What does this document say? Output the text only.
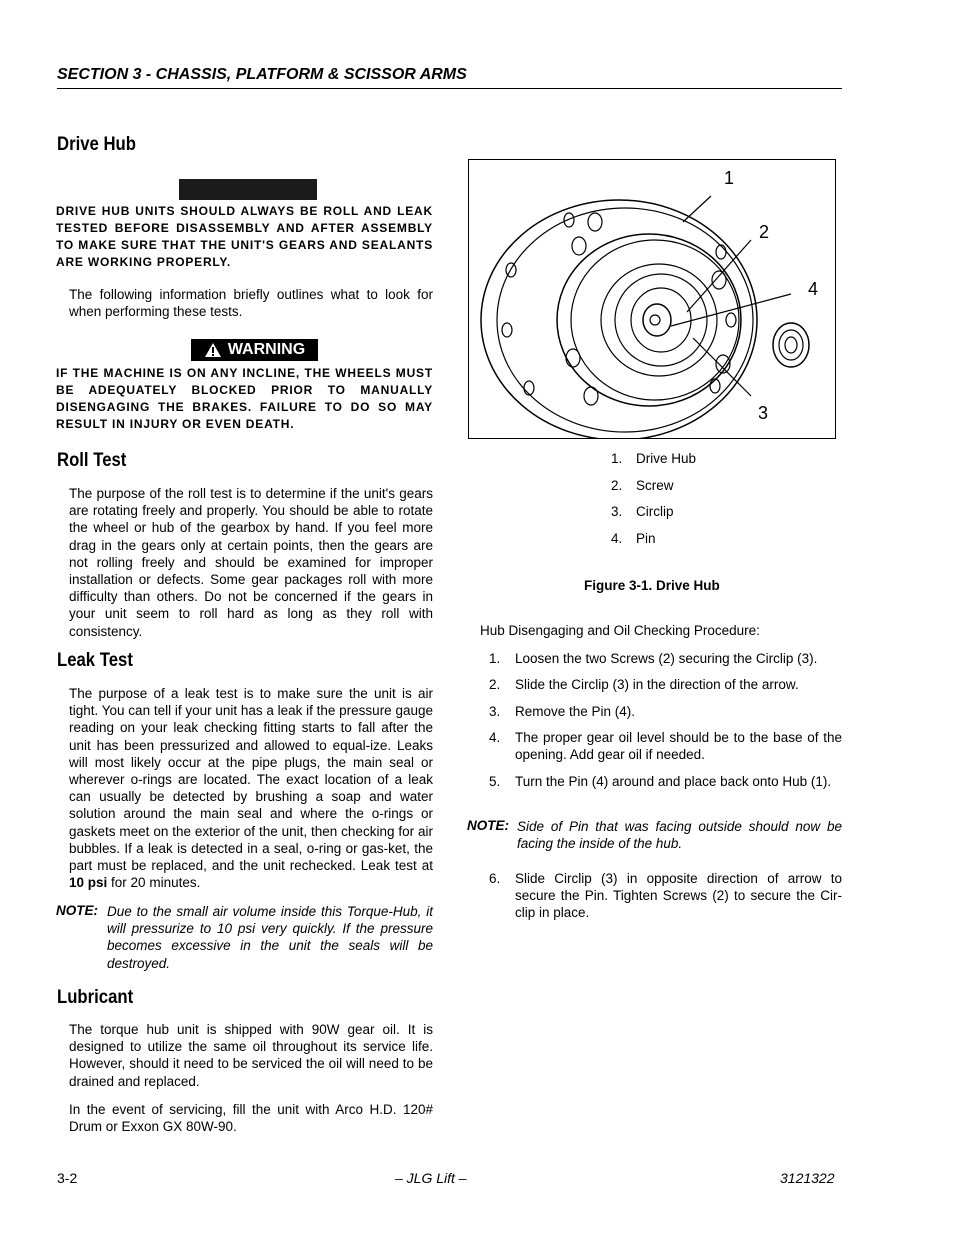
SECTION 3 - CHASSIS, PLATFORM & SCISSOR ARMS
Drive Hub
DRIVE HUB UNITS SHOULD ALWAYS BE ROLL AND LEAK TESTED BEFORE DISASSEMBLY AND AFTER ASSEMBLY TO MAKE SURE THAT THE UNIT'S GEARS AND SEALANTS ARE WORKING PROPERLY.
The following information briefly outlines what to look for when performing these tests.
WARNING
IF THE MACHINE IS ON ANY INCLINE, THE WHEELS MUST BE ADEQUATELY BLOCKED PRIOR TO MANUALLY DISENGAGING THE BRAKES. FAILURE TO DO SO MAY RESULT IN INJURY OR EVEN DEATH.
Roll Test
The purpose of the roll test is to determine if the unit's gears are rotating freely and properly. You should be able to rotate the wheel or hub of the gearbox by hand. If you feel more drag in the gears only at certain points, then the gears are not rolling freely and should be examined for improper installation or defects. Some gear packages roll with more difficulty than others. Do not be concerned if the gears in your unit seem to roll hard as long as they roll with consistency.
Leak Test
The purpose of a leak test is to make sure the unit is air tight. You can tell if your unit has a leak if the pressure gauge reading on your leak checking fitting starts to fall after the unit has been pressurized and allowed to equal-ize. Leaks will most likely occur at the pipe plugs, the main seal or wherever o-rings are located. The exact location of a leak can usually be detected by brushing a soap and water solution around the main seal and where the o-rings or gaskets meet on the exterior of the unit, then checking for air bubbles. If a leak is detected in a seal, o-ring or gas-ket, the part must be replaced, and the unit rechecked. Leak test at 10 psi for 20 minutes.
NOTE: Due to the small air volume inside this Torque-Hub, it will pressurize to 10 psi very quickly. If the pressure becomes excessive in the unit the seals will be destroyed.
Lubricant
The torque hub unit is shipped with 90W gear oil. It is designed to utilize the same oil throughout its service life. However, should it need to be serviced the oil will need to be drained and replaced.
In the event of servicing, fill the unit with Arco H.D. 120# Drum or Exxon GX 80W-90.
1
2
4
3
1. Drive Hub
2. Screw
3. Circlip
4. Pin
Figure 3-1. Drive Hub
Hub Disengaging and Oil Checking Procedure:
1. Loosen the two Screws (2) securing the Circlip (3).
2. Slide the Circlip (3) in the direction of the arrow.
3. Remove the Pin (4).
4. The proper gear oil level should be to the base of the opening. Add gear oil if needed.
5. Turn the Pin (4) around and place back onto Hub (1).
NOTE: Side of Pin that was facing outside should now be facing the inside of the hub.
6. Slide Circlip (3) in opposite direction of arrow to secure the Pin. Tighten Screws (2) to secure the Cir-clip in place.
3-2	– JLG Lift –	3121322
